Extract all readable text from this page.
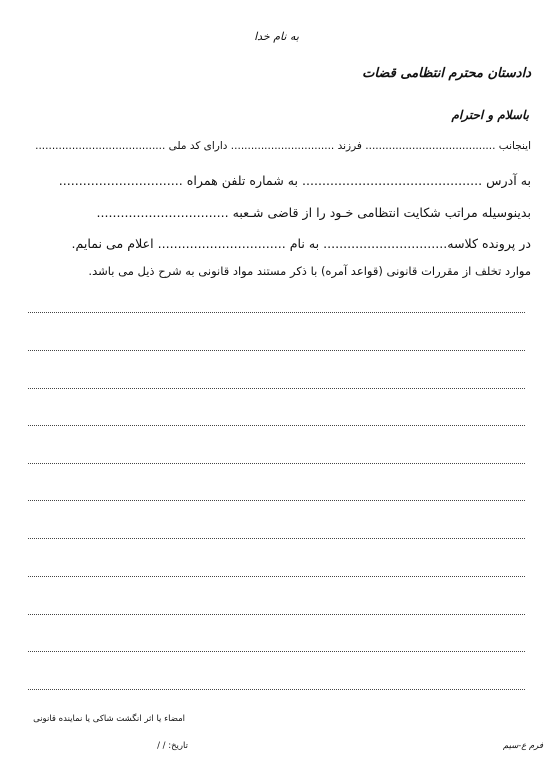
به نام خدا
دادستان محترم انتظامی قضات
باسلام و احترام
اینجانب ....................................... فرزند ............................... دارای کد ملی .......................................
به آدرس ............................................. به شماره تلفن همراه ...............................
بدینوسیله مراتب شکایت انتظامی خـود را از قاضی شـعبه .................................
در پرونده کلاسه............................... به نام ................................ اعلام می نمایم.
موارد تخلف از مقررات قانونی (قواعد آمره) با ذکر مستند مواد قانونی به شرح ذیل می باشد.
امضاء یا اثر انگشت شاکی یا نماینده قانونی
تاریخ: / /	فرم ع-سیم
